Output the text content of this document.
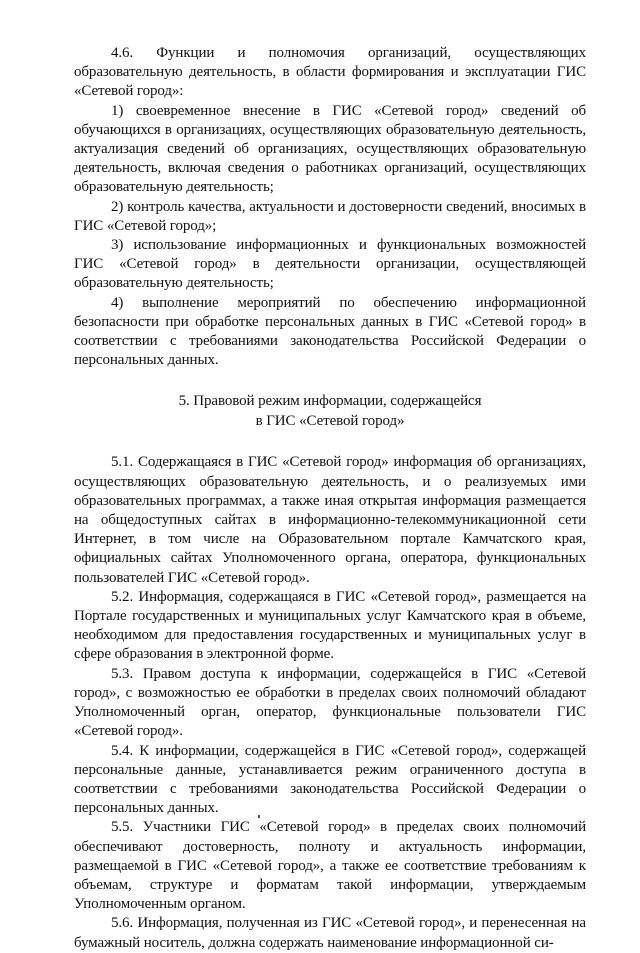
4.6. Функции и полномочия организаций, осуществляющих образовательную деятельность, в области формирования и эксплуатации ГИС «Сетевой город»:

1) своевременное внесение в ГИС «Сетевой город» сведений об обучающихся в организациях, осуществляющих образовательную деятельность, актуализация сведений об организациях, осуществляющих образовательную деятельность, включая сведения о работниках организаций, осуществляющих образовательную деятельность;

2) контроль качества, актуальности и достоверности сведений, вносимых в ГИС «Сетевой город»;

3) использование информационных и функциональных возможностей ГИС «Сетевой город» в деятельности организации, осуществляющей образовательную деятельность;

4) выполнение мероприятий по обеспечению информационной безопасности при обработке персональных данных в ГИС «Сетевой город» в соответствии с требованиями законодательства Российской Федерации о персональных данных.

5. Правовой режим информации, содержащейся
в ГИС «Сетевой город»

5.1. Содержащаяся в ГИС «Сетевой город» информация об организациях, осуществляющих образовательную деятельность, и о реализуемых ими образовательных программах, а также иная открытая информация размещается на общедоступных сайтах в информационно-телекоммуникационной сети Интернет, в том числе на Образовательном портале Камчатского края, официальных сайтах Уполномоченного органа, оператора, функциональных пользователей ГИС «Сетевой город».

5.2. Информация, содержащаяся в ГИС «Сетевой город», размещается на Портале государственных и муниципальных услуг Камчатского края в объеме, необходимом для предоставления государственных и муниципальных услуг в сфере образования в электронной форме.

5.3. Правом доступа к информации, содержащейся в ГИС «Сетевой город», с возможностью ее обработки в пределах своих полномочий обладают Уполномоченный орган, оператор, функциональные пользователи ГИС «Сетевой город».

5.4. К информации, содержащейся в ГИС «Сетевой город», содержащей персональные данные, устанавливается режим ограниченного доступа в соответствии с требованиями законодательства Российской Федерации о персональных данных.

5.5. Участники ГИС «Сетевой город» в пределах своих полномочий обеспечивают достоверность, полноту и актуальность информации, размещаемой в ГИС «Сетевой город», а также ее соответствие требованиям к объемам, структуре и форматам такой информации, утверждаемым Уполномоченным органом.

5.6. Информация, полученная из ГИС «Сетевой город», и перенесенная на бумажный носитель, должна содержать наименование информационной си-
